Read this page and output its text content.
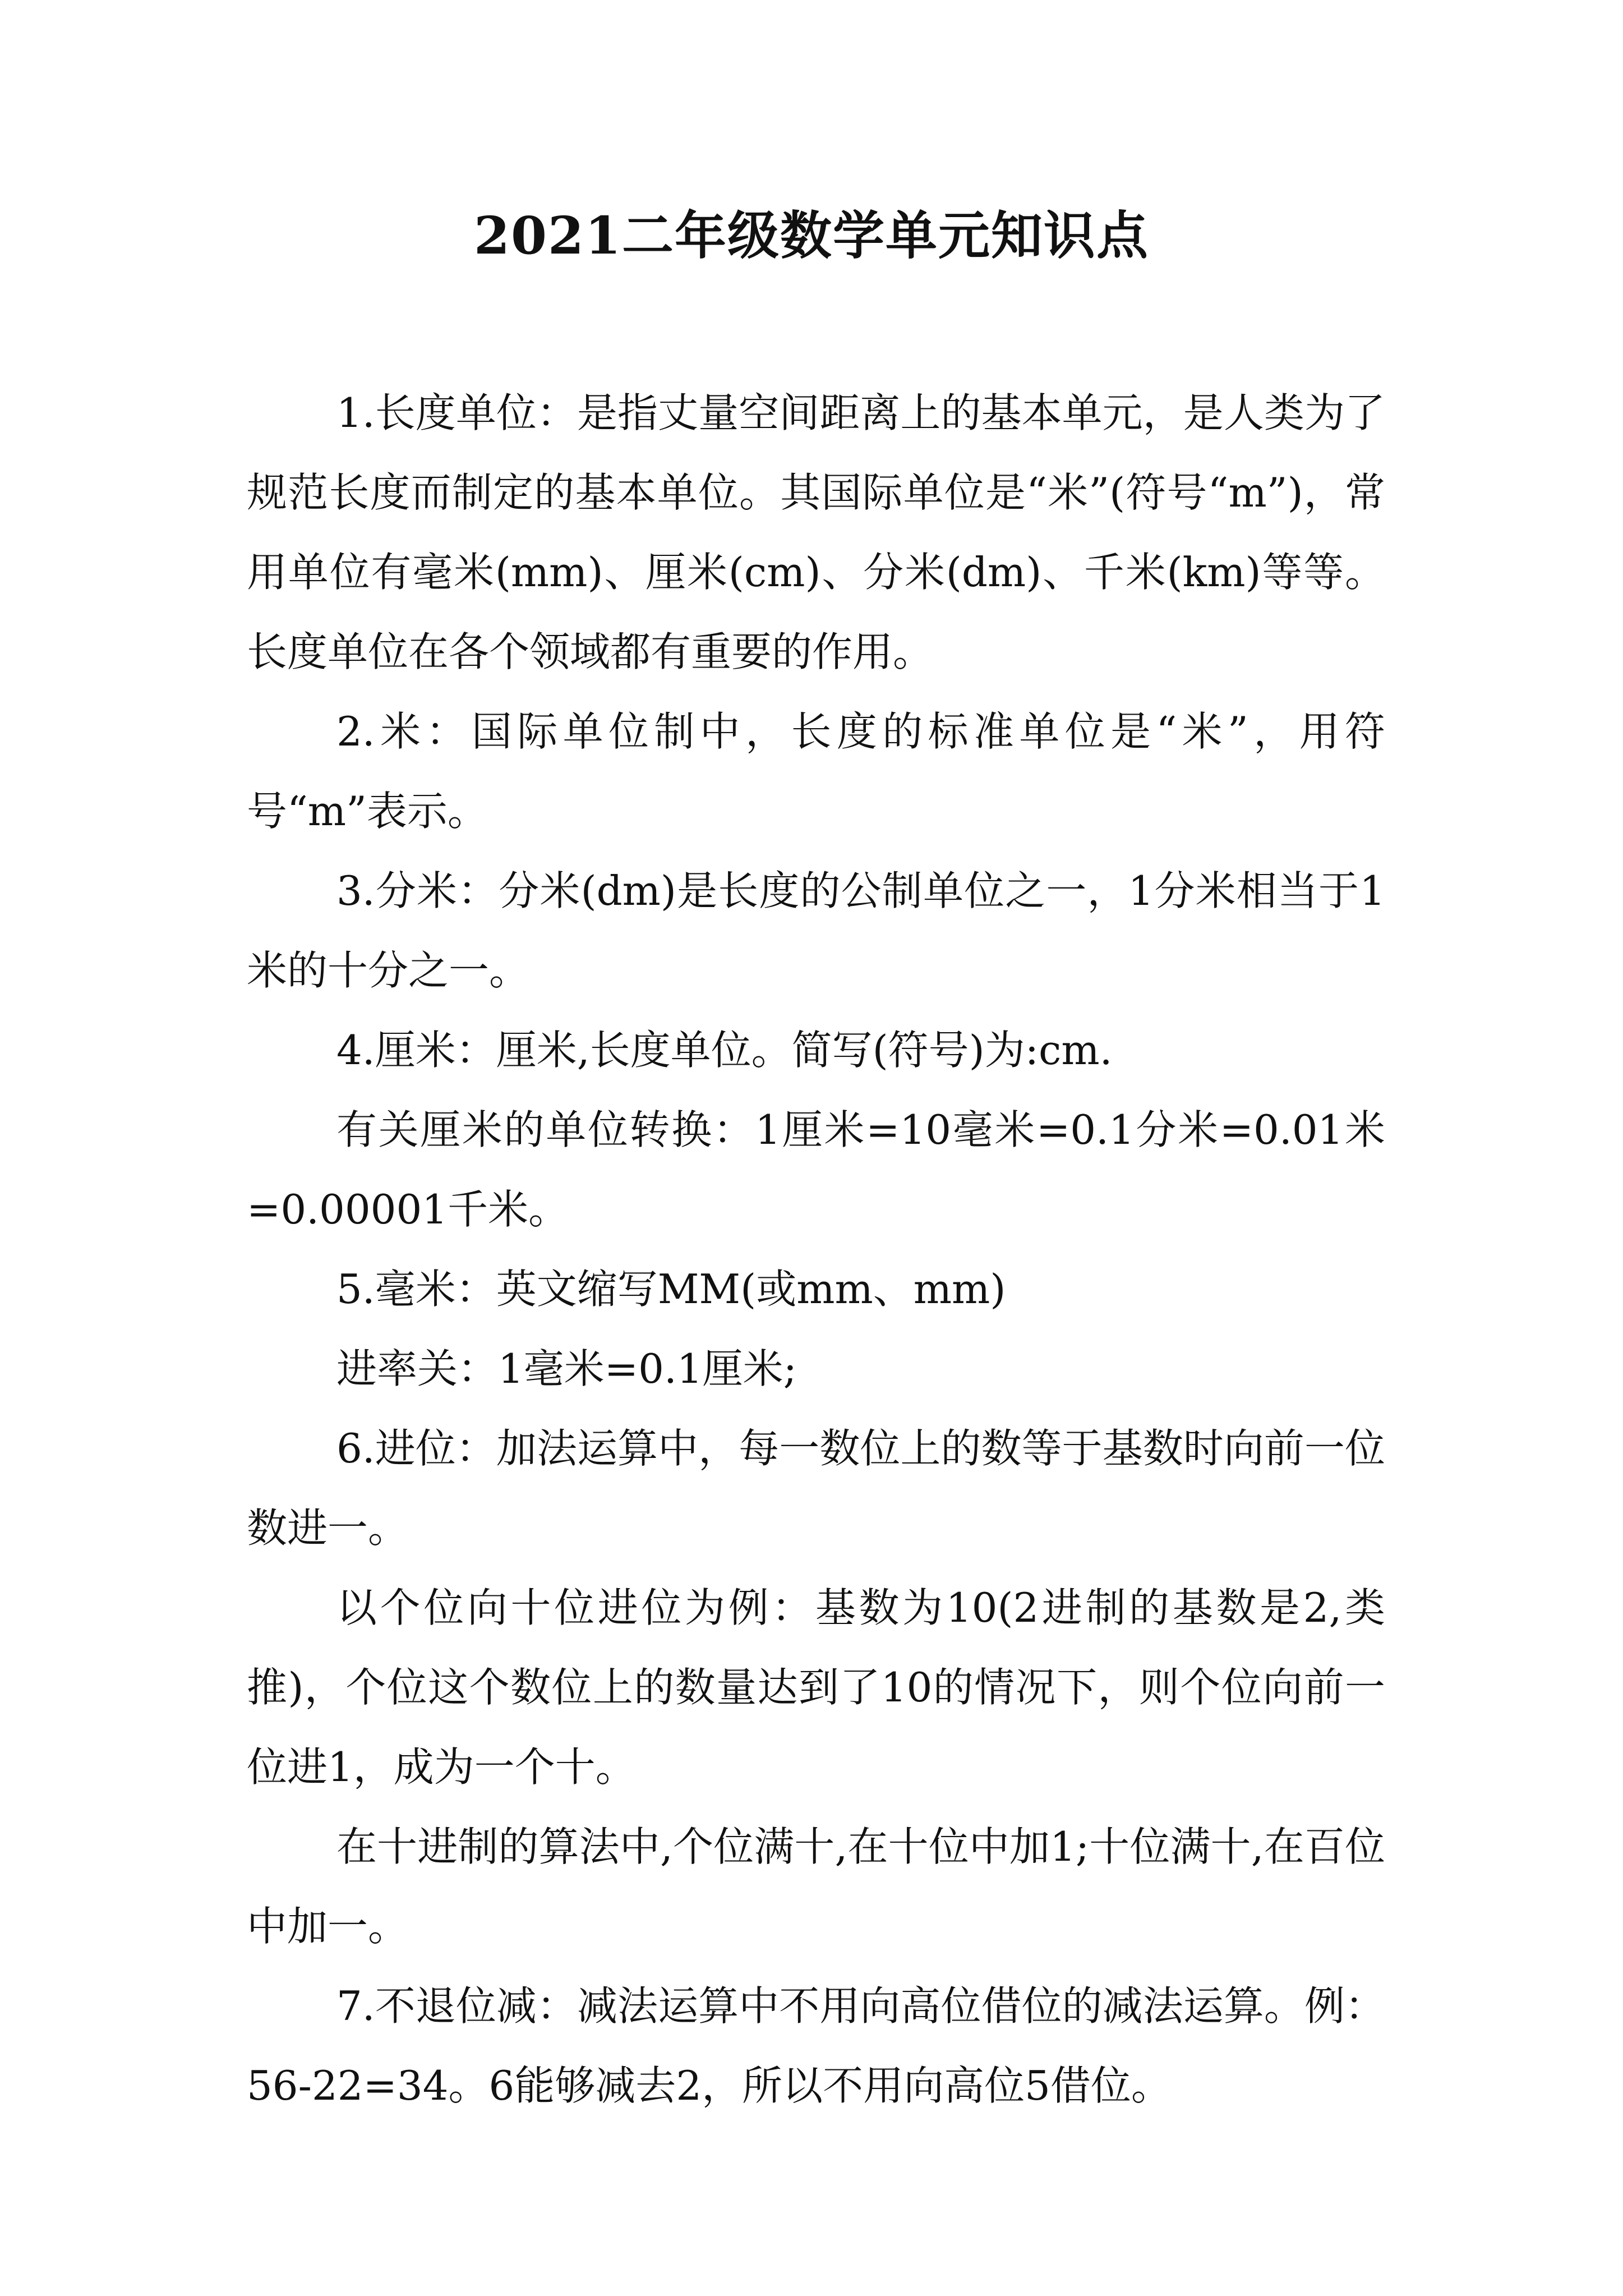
2021二年级数学单元知识点

1.长度单位：是指丈量空间距离上的基本单元，是人类为了规范长度而制定的基本单位。其国际单位是“米”(符号“m”)，常用单位有毫米(mm)、厘米(cm)、分米(dm)、千米(km)等等。长度单位在各个领域都有重要的作用。

2.米：国际单位制中，长度的标准单位是“米”，用符号“m”表示。

3.分米：分米(dm)是长度的公制单位之一，1分米相当于1米的十分之一。

4.厘米：厘米,长度单位。简写(符号)为:cm.

有关厘米的单位转换：1厘米=10毫米=0.1分米=0.01米=0.00001千米。

5.毫米：英文缩写MM(或mm、mm)

进率关：1毫米=0.1厘米;

6.进位：加法运算中，每一数位上的数等于基数时向前一位数进一。

以个位向十位进位为例：基数为10(2进制的基数是2,类推)，个位这个数位上的数量达到了10的情况下，则个位向前一位进1，成为一个十。

在十进制的算法中,个位满十,在十位中加1;十位满十,在百位中加一。

7.不退位减：减法运算中不用向高位借位的减法运算。例：56-22=34。6能够减去2，所以不用向高位5借位。
